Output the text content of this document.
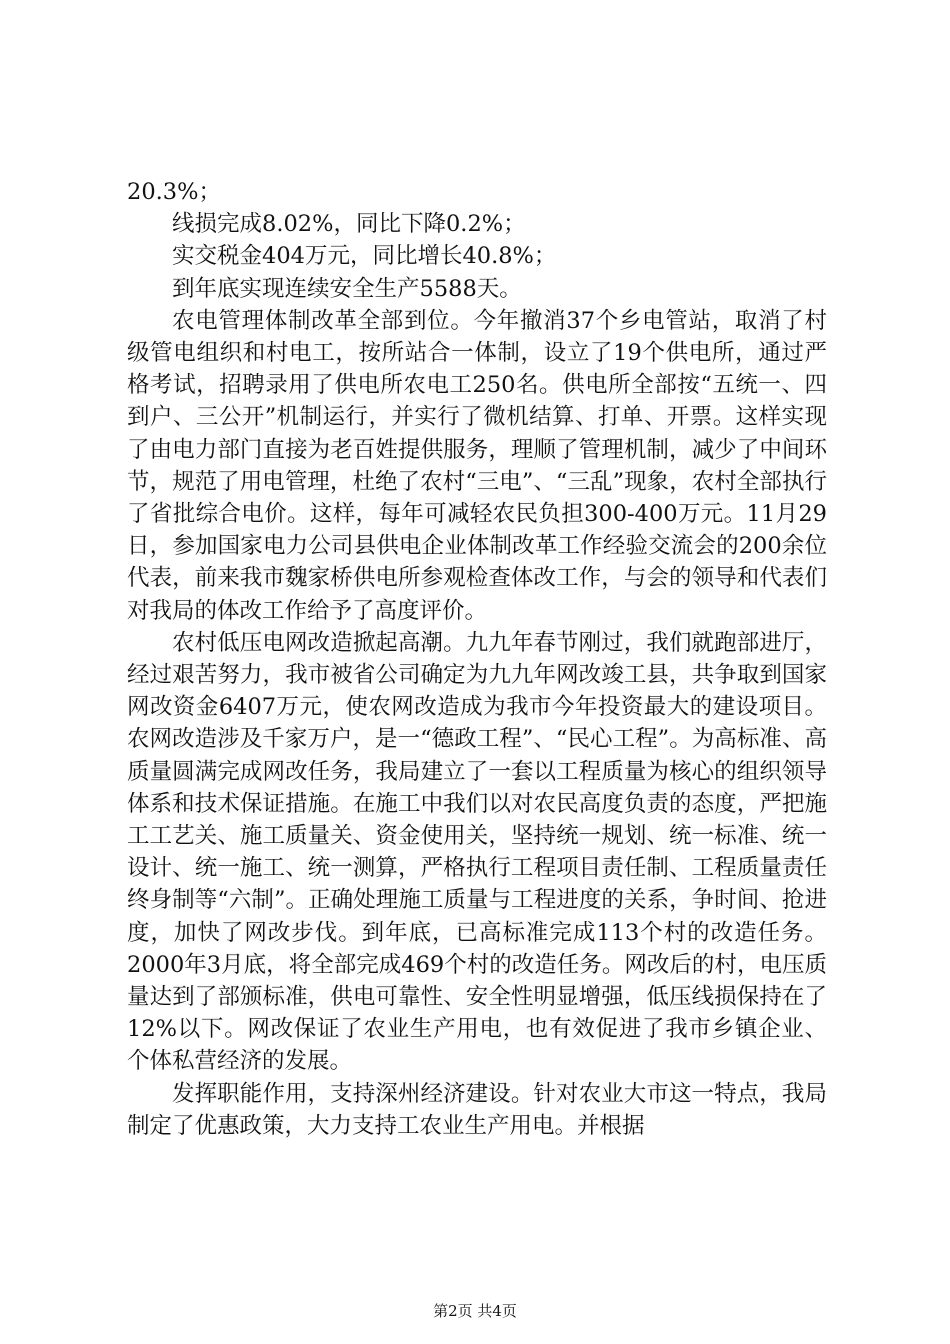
20.3%；

线损完成8.02%，同比下降0.2%；

实交税金404万元，同比增长40.8%；

到年底实现连续安全生产5588天。

农电管理体制改革全部到位。今年撤消37个乡电管站，取消了村级管电组织和村电工，按所站合一体制，设立了19个供电所，通过严格考试，招聘录用了供电所农电工250名。供电所全部按“五统一、四到户、三公开”机制运行，并实行了微机结算、打单、开票。这样实现了由电力部门直接为老百姓提供服务，理顺了管理机制，减少了中间环节，规范了用电管理，杜绝了农村“三电”、“三乱”现象，农村全部执行了省批综合电价。这样，每年可减轻农民负担300-400万元。11月29日，参加国家电力公司县供电企业体制改革工作经验交流会的200余位代表，前来我市魏家桥供电所参观检查体改工作，与会的领导和代表们对我局的体改工作给予了高度评价。

农村低压电网改造掀起高潮。九九年春节刚过，我们就跑部进厅，经过艰苦努力，我市被省公司确定为九九年网改竣工县，共争取到国家网改资金6407万元，使农网改造成为我市今年投资最大的建设项目。农网改造涉及千家万户，是一“德政工程”、“民心工程”。为高标准、高质量圆满完成网改任务，我局建立了一套以工程质量为核心的组织领导体系和技术保证措施。在施工中我们以对农民高度负责的态度，严把施工工艺关、施工质量关、资金使用关，坚持统一规划、统一标准、统一设计、统一施工、统一测算，严格执行工程项目责任制、工程质量责任终身制等“六制”。正确处理施工质量与工程进度的关系，争时间、抢进度，加快了网改步伐。到年底，已高标准完成113个村的改造任务。2000年3月底，将全部完成469个村的改造任务。网改后的村，电压质量达到了部颁标准，供电可靠性、安全性明显增强，低压线损保持在了12%以下。网改保证了农业生产用电，也有效促进了我市乡镇企业、个体私营经济的发展。

发挥职能作用，支持深州经济建设。针对农业大市这一特点，我局制定了优惠政策，大力支持工农业生产用电。并根据

第2页 共4页
